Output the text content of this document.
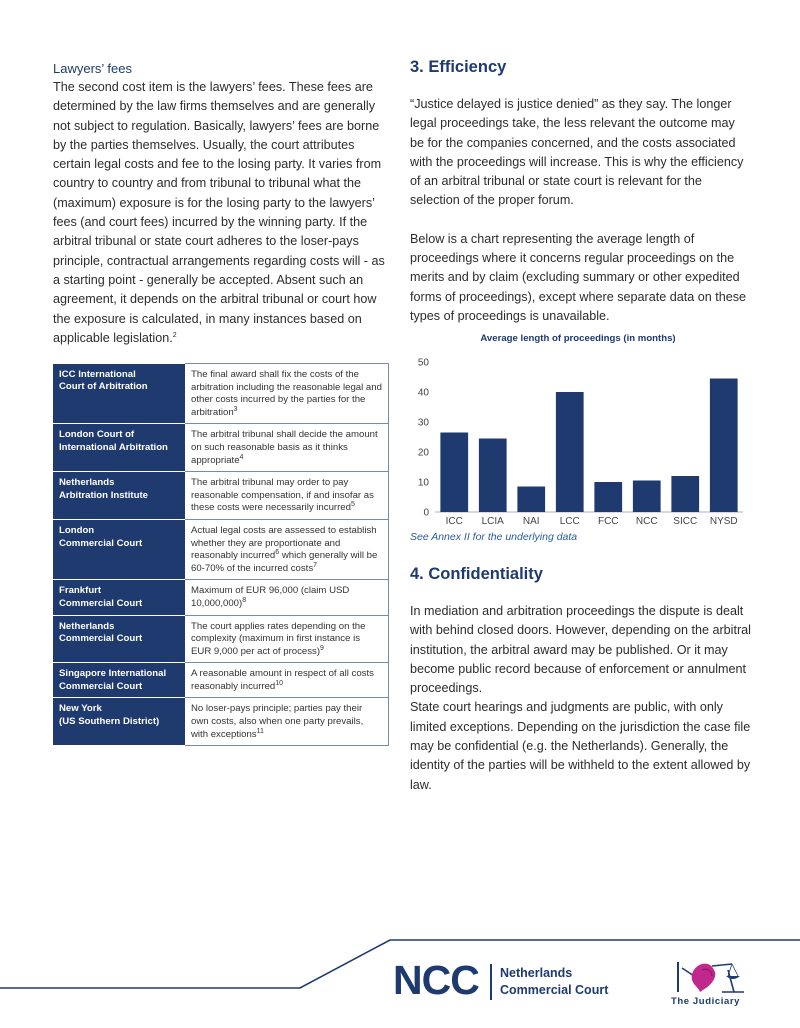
Lawyers’ fees
The second cost item is the lawyers’ fees. These fees are determined by the law firms themselves and are generally not subject to regulation. Basically, lawyers’ fees are borne by the parties themselves. Usually, the court attributes certain legal costs and fee to the losing party. It varies from country to country and from tribunal to tribunal what the (maximum) exposure is for the losing party to the lawyers’ fees (and court fees) incurred by the winning party. If the arbitral tribunal or state court adheres to the loser-pays principle, contractual arrangements regarding costs will - as a starting point - generally be accepted. Absent such an agreement, it depends on the arbitral tribunal or court how the exposure is calculated, in many instances based on applicable legislation.$^2$
ICC International
Court of Arbitration	The final award shall fix the costs of the arbitration including the reasonable legal and other costs incurred by the parties for the arbitration$^3$
London Court of
International Arbitration	The arbitral tribunal shall decide the amount on such reasonable basis as it thinks appropriate$^4$
Netherlands
Arbitration Institute	The arbitral tribunal may order to pay reasonable compensation, if and insofar as these costs were necessarily incurred$^5$
London
Commercial Court	Actual legal costs are assessed to establish whether they are proportionate and reasonably incurred$^6$ which generally will be 60-70% of the incurred costs$^7$
Frankfurt
Commercial Court	Maximum of EUR 96,000 (claim USD 10,000,000)$^8$
Netherlands
Commercial Court	The court applies rates depending on the complexity (maximum in first instance is EUR 9,000 per act of process)$^9$
Singapore International
Commercial Court	A reasonable amount in respect of all costs reasonably incurred$^{10}$
New York
(US Southern District)	No loser-pays principle; parties pay their own costs, also when one party prevails, with exceptions$^{11}$
3. Efficiency
“Justice delayed is justice denied” as they say. The longer legal proceedings take, the less relevant the outcome may be for the companies concerned, and the costs associated with the proceedings will increase. This is why the efficiency of an arbitral tribunal or state court is relevant for the selection of the proper forum.
Below is a chart representing the average length of proceedings where it concerns regular proceedings on the merits and by claim (excluding summary or other expedited forms of proceedings), except where separate data on these types of proceedings is unavailable.
Average length of proceedings (in months)
0
10
20
30
40
50
ICC LCIA NAI LCC FCC NCC SICC NYSD
See Annex II for the underlying data
4. Confidentiality
In mediation and arbitration proceedings the dispute is dealt with behind closed doors. However, depending on the arbitral institution, the arbitral award may be published. Or it may become public record because of enforcement or annulment proceedings.
State court hearings and judgments are public, with only limited exceptions. Depending on the jurisdiction the case file may be confidential (e.g. the Netherlands). Generally, the identity of the parties will be withheld to the extent allowed by law.
NCC Netherlands
Commercial Court
The Judiciary
